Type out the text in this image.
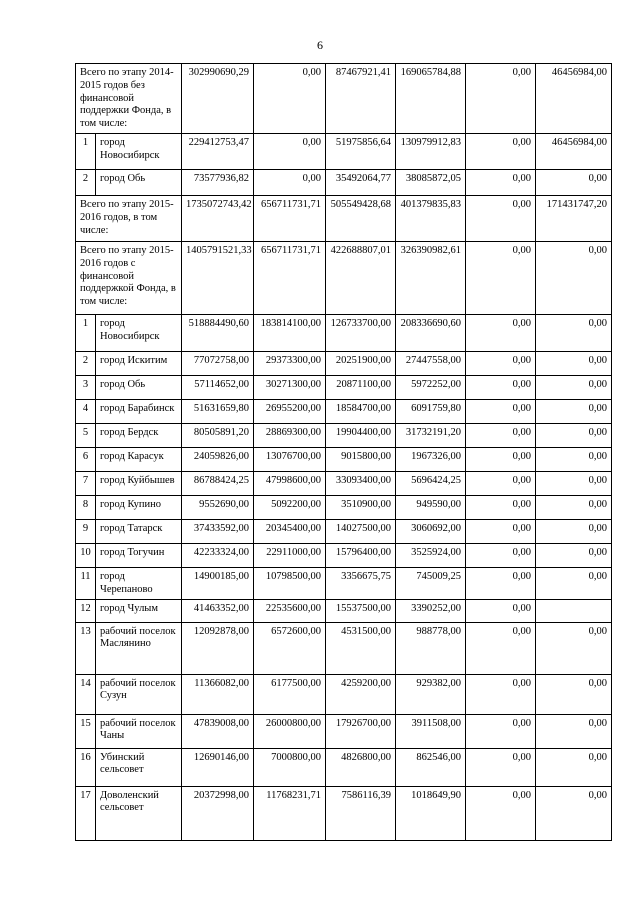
6
Всего по этапу 2014-2015 годов без финансовой поддержки Фонда, в том числе:		302990690,29	0,00	87467921,41	169065784,88	0,00	46456984,00
1	город Новосибирск	229412753,47	0,00	51975856,64	130979912,83	0,00	46456984,00
2	город Обь	73577936,82	0,00	35492064,77	38085872,05	0,00	0,00
Всего по этапу 2015-2016 годов, в том числе:		1735072743,42	656711731,71	505549428,68	401379835,83	0,00	171431747,20
Всего по этапу 2015-2016 годов с финансовой поддержкой Фонда, в том числе:		1405791521,33	656711731,71	422688807,01	326390982,61	0,00	0,00
1	город Новосибирск	518884490,60	183814100,00	126733700,00	208336690,60	0,00	0,00
2	город Искитим	77072758,00	29373300,00	20251900,00	27447558,00	0,00	0,00
3	город Обь	57114652,00	30271300,00	20871100,00	5972252,00	0,00	0,00
4	город Барабинск	51631659,80	26955200,00	18584700,00	6091759,80	0,00	0,00
5	город Бердск	80505891,20	28869300,00	19904400,00	31732191,20	0,00	0,00
6	город Карасук	24059826,00	13076700,00	9015800,00	1967326,00	0,00	0,00
7	город Куйбышев	86788424,25	47998600,00	33093400,00	5696424,25	0,00	0,00
8	город Купино	9552690,00	5092200,00	3510900,00	949590,00	0,00	0,00
9	город Татарск	37433592,00	20345400,00	14027500,00	3060692,00	0,00	0,00
10	город Тогучин	42233324,00	22911000,00	15796400,00	3525924,00	0,00	0,00
11	город Черепаново	14900185,00	10798500,00	3356675,75	745009,25	0,00	0,00
12	город Чулым	41463352,00	22535600,00	15537500,00	3390252,00	0,00	
13	рабочий поселок Маслянино	12092878,00	6572600,00	4531500,00	988778,00	0,00	0,00
14	рабочий поселок Сузун	11366082,00	6177500,00	4259200,00	929382,00	0,00	0,00
15	рабочий поселок Чаны	47839008,00	26000800,00	17926700,00	3911508,00	0,00	0,00
16	Убинский сельсовет	12690146,00	7000800,00	4826800,00	862546,00	0,00	0,00
17	Доволенский сельсовет	20372998,00	11768231,71	7586116,39	1018649,90	0,00	0,00
